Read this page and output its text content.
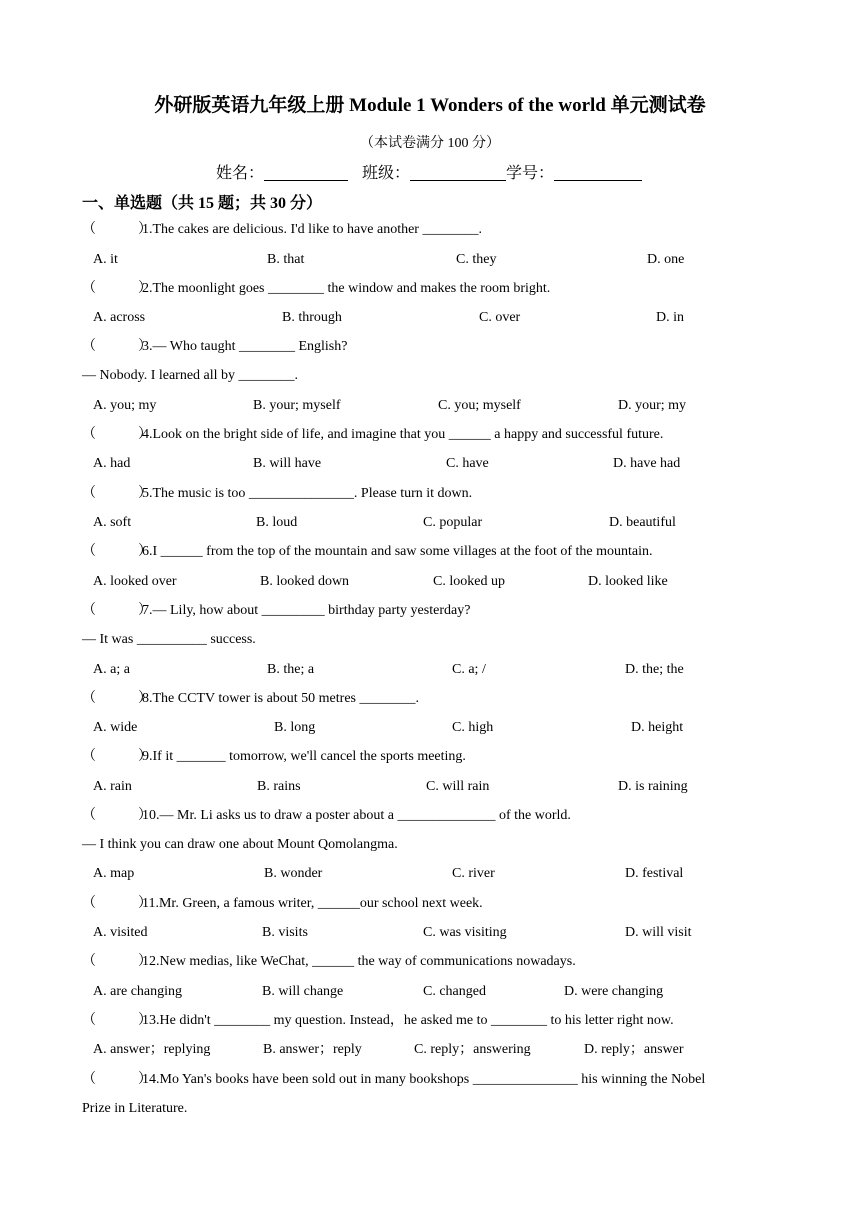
外研版英语九年级上册 Module 1 Wonders of the world 单元测试卷
（本试卷满分 100 分）
姓名：	班级：	学号：
一、单选题（共 15 题；共 30 分）
（　　　）1.The cakes are delicious. I'd like to have another ________.
A. it	B. that	C. they	D. one
（　　　）2.The moonlight goes ________ the window and makes the room bright.
A. across	B. through	C. over	D. in
（　　　）3.— Who taught ________ English?
— Nobody. I learned all by ________.
A. you; my	B. your; myself	C. you; myself	D. your; my
（　　　）4.Look on the bright side of life, and imagine that you ______ a happy and successful future.
A. had	B. will have	C. have	D. have had
（　　　）5.The music is too _______________. Please turn it down.
A. soft	B. loud	C. popular	D. beautiful
（　　　）6.I ______ from the top of the mountain and saw some villages at the foot of the mountain.
A. looked over	B. looked down	C. looked up	D. looked like
（　　　）7.— Lily, how about _________ birthday party yesterday?
— It was __________ success.
A. a; a	B. the; a	C. a; /	D. the; the
（　　　）8.The CCTV tower is about 50 metres ________.
A. wide	B. long	C. high	D. height
（　　　）9.If it _______ tomorrow, we'll cancel the sports meeting.
A. rain	B. rains	C. will rain	D. is raining
（　　　）10.— Mr. Li asks us to draw a poster about a ______________ of the world.
— I think you can draw one about Mount Qomolangma.
A. map	B. wonder	C. river	D. festival
（　　　）11.Mr. Green, a famous writer, ______our school next week.
A. visited	B. visits	C. was visiting	D. will visit
（　　　）12.New medias, like WeChat, ______ the way of communications nowadays.
A. are changing	B. will change	C. changed	D. were changing
（　　　）13.He didn't ________ my question. Instead，he asked me to ________ to his letter right now.
A. answer；replying	B. answer；reply	C. reply；answering	D. reply；answer
（　　　）14.Mo Yan's books have been sold out in many bookshops _______________ his winning the Nobel
Prize in Literature.
